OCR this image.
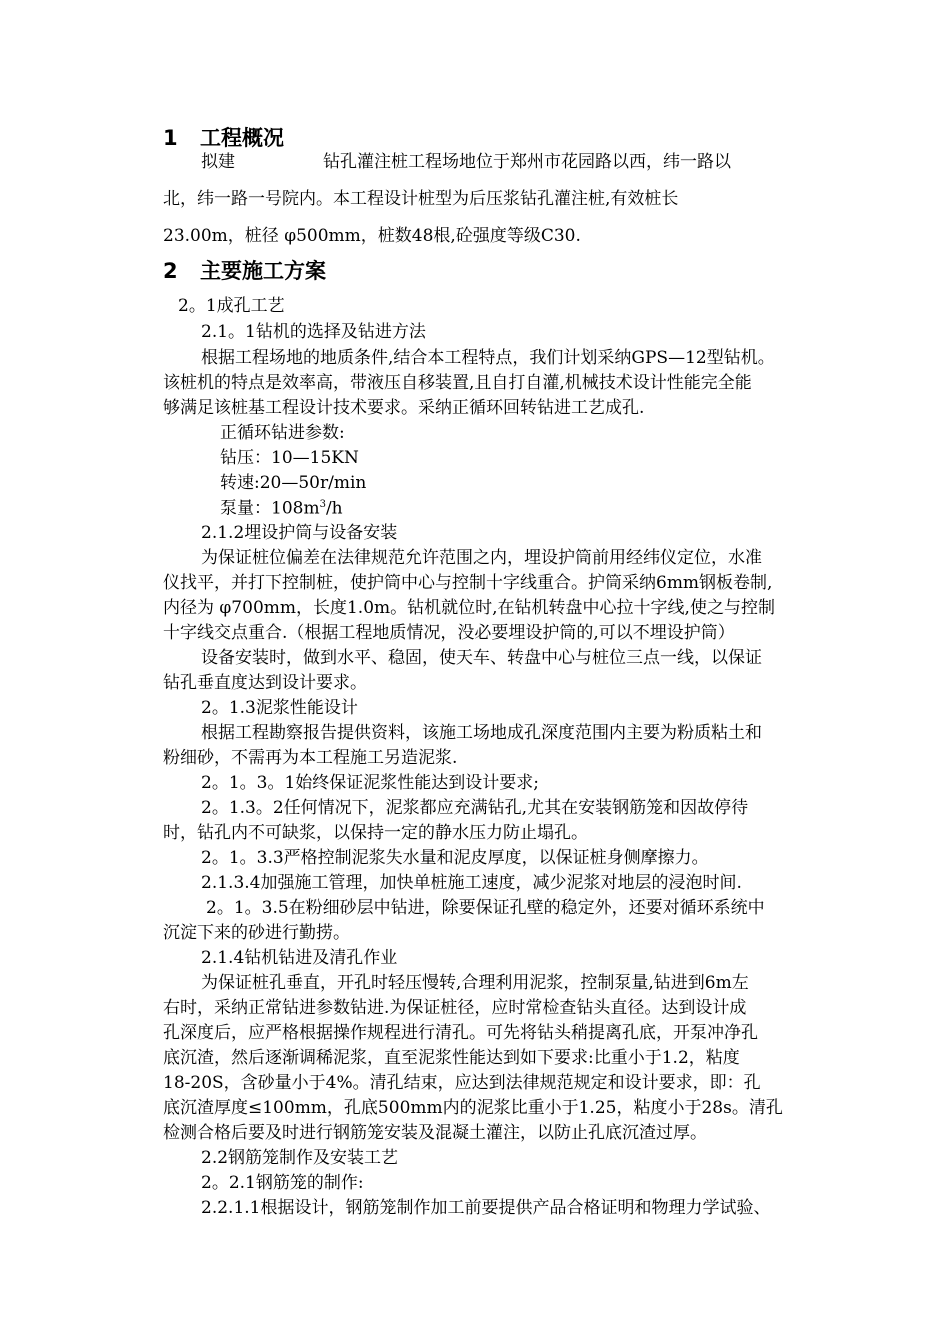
1 工程概况
拟建	钻孔灌注桩工程场地位于郑州市花园路以西，纬一路以
北，纬一路一号院内。本工程设计桩型为后压浆钻孔灌注桩,有效桩长
23.00m，桩径 φ500mm，桩数48根,砼强度等级C30.
2 主要施工方案
2。1成孔工艺
2.1。1钻机的选择及钻进方法
根据工程场地的地质条件,结合本工程特点，我们计划采纳GPS—12型钻机。
该桩机的特点是效率高，带液压自移装置,且自打自灌,机械技术设计性能完全能
够满足该桩基工程设计技术要求。采纳正循环回转钻进工艺成孔.
正循环钻进参数:
钻压：10—15KN
转速:20—50r/min
泵量：$108m^3/h$
2.1.2埋设护筒与设备安装
为保证桩位偏差在法律规范允许范围之内，埋设护筒前用经纬仪定位，水准
仪找平，并打下控制桩，使护筒中心与控制十字线重合。护筒采纳6mm钢板卷制,
内径为 φ700mm，长度1.0m。钻机就位时,在钻机转盘中心拉十字线,使之与控制
十字线交点重合.（根据工程地质情况，没必要埋设护筒的,可以不埋设护筒）
设备安装时，做到水平、稳固，使天车、转盘中心与桩位三点一线，以保证
钻孔垂直度达到设计要求。
2。1.3泥浆性能设计
根据工程勘察报告提供资料，该施工场地成孔深度范围内主要为粉质粘土和
粉细砂，不需再为本工程施工另造泥浆.
2。1。3。1始终保证泥浆性能达到设计要求;
2。1.3。2任何情况下，泥浆都应充满钻孔,尤其在安装钢筋笼和因故停待
时，钻孔内不可缺浆，以保持一定的静水压力防止塌孔。
2。1。3.3严格控制泥浆失水量和泥皮厚度，以保证桩身侧摩擦力。
2.1.3.4加强施工管理，加快单桩施工速度，减少泥浆对地层的浸泡时间.
2。1。3.5在粉细砂层中钻进，除要保证孔壁的稳定外，还要对循环系统中
沉淀下来的砂进行勤捞。
2.1.4钻机钻进及清孔作业
为保证桩孔垂直，开孔时轻压慢转,合理利用泥浆，控制泵量,钻进到6m左
右时，采纳正常钻进参数钻进.为保证桩径，应时常检查钻头直径。达到设计成
孔深度后，应严格根据操作规程进行清孔。可先将钻头稍提离孔底，开泵冲净孔
底沉渣，然后逐渐调稀泥浆，直至泥浆性能达到如下要求:比重小于1.2，粘度
18-20S，含砂量小于4%。清孔结束，应达到法律规范规定和设计要求，即：孔
底沉渣厚度≤100mm，孔底500mm内的泥浆比重小于1.25，粘度小于28s。清孔
检测合格后要及时进行钢筋笼安装及混凝土灌注，以防止孔底沉渣过厚。
2.2钢筋笼制作及安装工艺
2。2.1钢筋笼的制作:
2.2.1.1根据设计，钢筋笼制作加工前要提供产品合格证明和物理力学试验、
